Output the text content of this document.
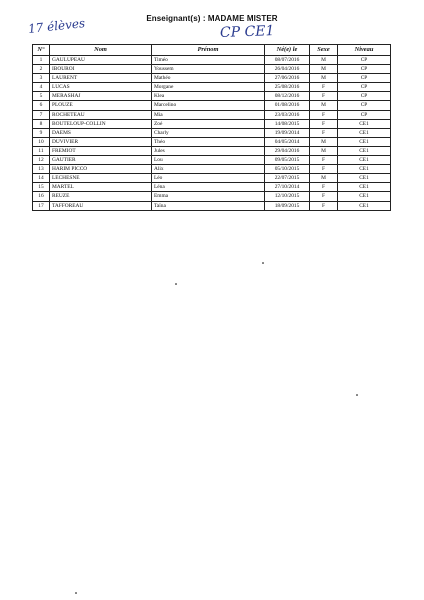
Enseignant(s) : MADAME MISTER
17 élèves	CP CE1
N°	Nom	Prénom	Né(e) le	Sexe	Niveau
1	GAULUPEAU	Timéo	08/07/2016	M	CP
2	IBOUROI	Youssem	26/04/2016	M	CP
3	LAURENT	Mathéo	27/06/2016	M	CP
4	LUCAS	Morgane	25/08/2016	F	CP
5	MERASHAJ	Klea	08/12/2016	F	CP
6	PLOUZE	Marcelino	01/08/2016	M	CP
7	ROCHETEAU	Mia	23/03/2016	F	CP
8	BOUTELOUP-COLLIN	Zoé	14/08/2015	F	CE1
9	DAEMS	Charly	19/09/2014	F	CE1
10	DUVIVIER	Théo	04/05/2014	M	CE1
11	FREMIOT	Jules	29/04/2016	M	CE1
12	GAUTIER	Lou	09/05/2015	F	CE1
13	HARIM PICCO	Alix	05/10/2015	F	CE1
14	LECHESNE	Léo	22/07/2015	M	CE1
15	MARTEL	Léna	27/10/2014	F	CE1
16	REUZE	Emma	12/10/2015	F	CE1
17	TAFFOREAU	Taïna	18/09/2015	F	CE1
